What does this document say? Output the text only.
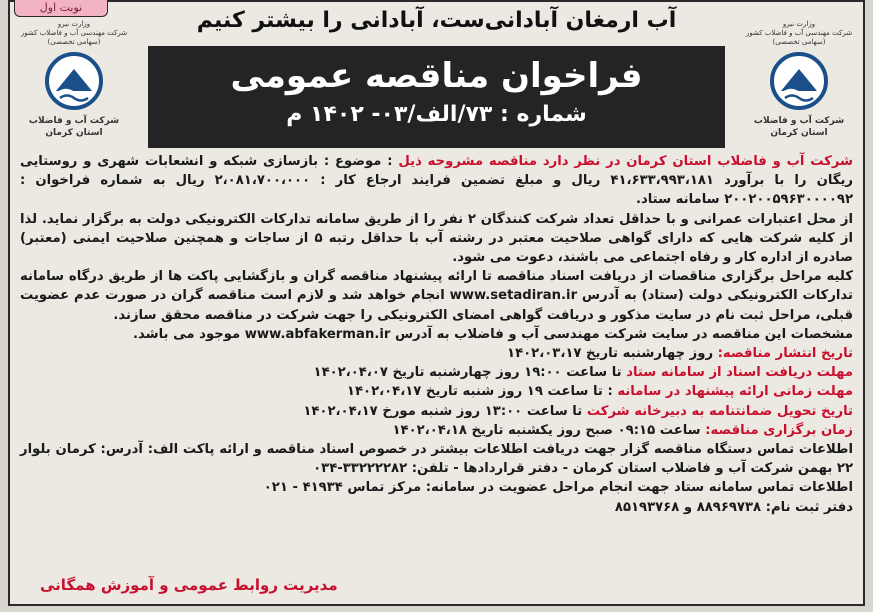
نوبت اول
آب ارمغان آبادانی‌ست، آبادانی را بیشتر کنیم	وزارت نیرو
شرکت مهندسی آب و فاضلاب کشور
(سهامی تخصصی)
شرکت آب و فاضلاب
استان کرمان
وزارت نیرو
شرکت مهندسی آب و فاضلاب کشور
(سهامی تخصصی)
شرکت آب و فاضلاب
استان کرمان
فراخوان مناقصه عمومی
شماره : ۷۳/الف/۰۳- ۱۴۰۲ م

شرکت آب و فاضلاب استان کرمان در نظر دارد مناقصه مشروحه ذیل : موضوع : بازسازی شبکه و انشعابات شهری و روستایی ریگان را با برآورد ۴۱،۶۳۳،۹۹۳،۱۸۱ ریال و مبلغ تضمین فرایند ارجاع کار : ۲،۰۸۱،۷۰۰،۰۰۰ ریال به شماره فراخوان : ۲۰۰۲۰۰۵۹۶۳۰۰۰۰۹۲ سامانه ستاد.

از محل اعتبارات عمرانی و با حداقل تعداد شرکت کنندگان ۲ نفر را از طریق سامانه تدارکات الکترونیکی دولت به برگزار نماید. لذا از کلیه شرکت هایی که دارای گواهی صلاحیت معتبر در رشته آب با حداقل رتبه ۵ از ساجات و همچنین صلاحیت ایمنی (معتبر) صادره از اداره کار و رفاه اجتماعی می باشند، دعوت می شود.

کلیه مراحل برگزاری مناقصات از دریافت اسناد مناقصه تا ارائه پیشنهاد مناقصه گران و بازگشایی پاکت ها از طریق درگاه سامانه تدارکات الکترونیکی دولت (ستاد) به آدرس www.setadiran.ir انجام خواهد شد و لازم است مناقصه گران در صورت عدم عضویت قبلی، مراحل ثبت نام در سایت مذکور و دریافت گواهی امضای الکترونیکی را جهت شرکت در مناقصه محقق سازند.

مشخصات این مناقصه در سایت شرکت مهندسی آب و فاضلاب به آدرس www.abfakerman.ir موجود می باشد.

تاریخ انتشار مناقصه: روز چهارشنبه تاریخ ۱۴۰۲،۰۳،۱۷

مهلت دریافت اسناد از سامانه ستاد تا ساعت ۱۹:۰۰ روز چهارشنبه تاریخ ۱۴۰۲،۰۴،۰۷

مهلت زمانی ارائه پیشنهاد در سامانه : تا ساعت ۱۹ روز شنبه تاریخ ۱۴۰۲،۰۴،۱۷

تاریخ تحویل ضمانتنامه به دبیرخانه شرکت تا ساعت ۱۳:۰۰ روز شنبه مورخ ۱۴۰۲،۰۴،۱۷

زمان برگزاری مناقصه: ساعت ۰۹:۱۵ صبح روز یکشنبه تاریخ ۱۴۰۲،۰۴،۱۸

اطلاعات تماس دستگاه مناقصه گزار جهت دریافت اطلاعات بیشتر در خصوص اسناد مناقصه و ارائه پاکت الف: آدرس: کرمان بلوار ۲۲ بهمن شرکت آب و فاضلاب استان کرمان - دفتر قراردادها - تلفن: ۳۳۲۲۲۲۸۲-۰۳۴

اطلاعات تماس سامانه ستاد جهت انجام مراحل عضویت در سامانه: مرکز تماس ۴۱۹۳۴ - ۰۲۱

دفتر ثبت نام: ۸۸۹۶۹۷۳۸ و ۸۵۱۹۳۷۶۸

مدیریت روابط عمومی و آموزش همگانی
